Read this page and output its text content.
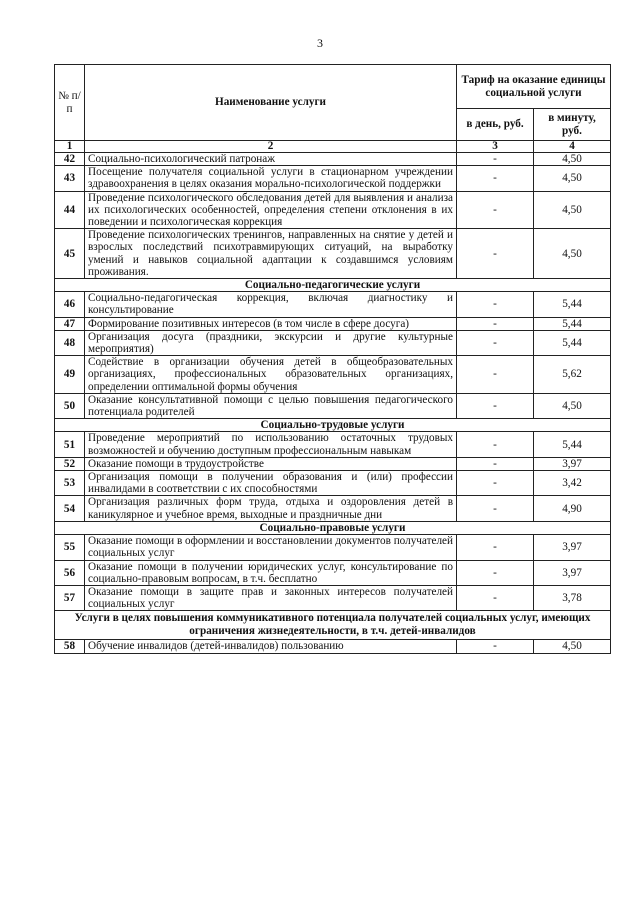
3
№ п/п	Наименование услуги	Тариф на оказание единицы социальной услуги	
		в день, руб.	в минуту, руб.
1	2	3	4
42	Социально-психологический патронаж	-	4,50
43	Посещение получателя социальной услуги в стационарном учреждении здравоохранения в целях оказания морально-психологической поддержки	-	4,50
44	Проведение психологического обследования детей для выявления и анализа их психологических особенностей, определения степени отклонения в их поведении и психологическая коррекция	-	4,50
45	Проведение психологических тренингов, направленных на снятие у детей и взрослых последствий психотравмирующих ситуаций, на выработку умений и навыков социальной адаптации к создавшимся условиям проживания.	-	4,50
Социально-педагогические услуги			
46	Социально-педагогическая коррекция, включая диагностику и консультирование	-	5,44
47	Формирование позитивных интересов (в том числе в сфере досуга)	-	5,44
48	Организация досуга (праздники, экскурсии и другие культурные мероприятия)	-	5,44
49	Содействие в организации обучения детей в общеобразовательных организациях, профессиональных образовательных организациях, определении оптимальной формы обучения	-	5,62
50	Оказание консультативной помощи с целью повышения педагогического потенциала родителей	-	4,50
Социально-трудовые услуги			
51	Проведение мероприятий по использованию остаточных трудовых возможностей и обучению доступным профессиональным навыкам	-	5,44
52	Оказание помощи в трудоустройстве	-	3,97
53	Организация помощи в получении образования и (или) профессии инвалидами в соответствии с их способностями	-	3,42
54	Организация различных форм труда, отдыха и оздоровления детей в каникулярное и учебное время, выходные и праздничные дни	-	4,90
Социально-правовые услуги			
55	Оказание помощи в оформлении и восстановлении документов получателей социальных услуг	-	3,97
56	Оказание помощи в получении юридических услуг, консультирование по социально-правовым вопросам, в т.ч. бесплатно	-	3,97
57	Оказание помощи в защите прав и законных интересов получателей социальных услуг	-	3,78
Услуги в целях повышения коммуникативного потенциала получателей социальных услуг, имеющих ограничения жизнедеятельности, в т.ч. детей-инвалидов			
58	Обучение инвалидов (детей-инвалидов) пользованию	-	4,50
